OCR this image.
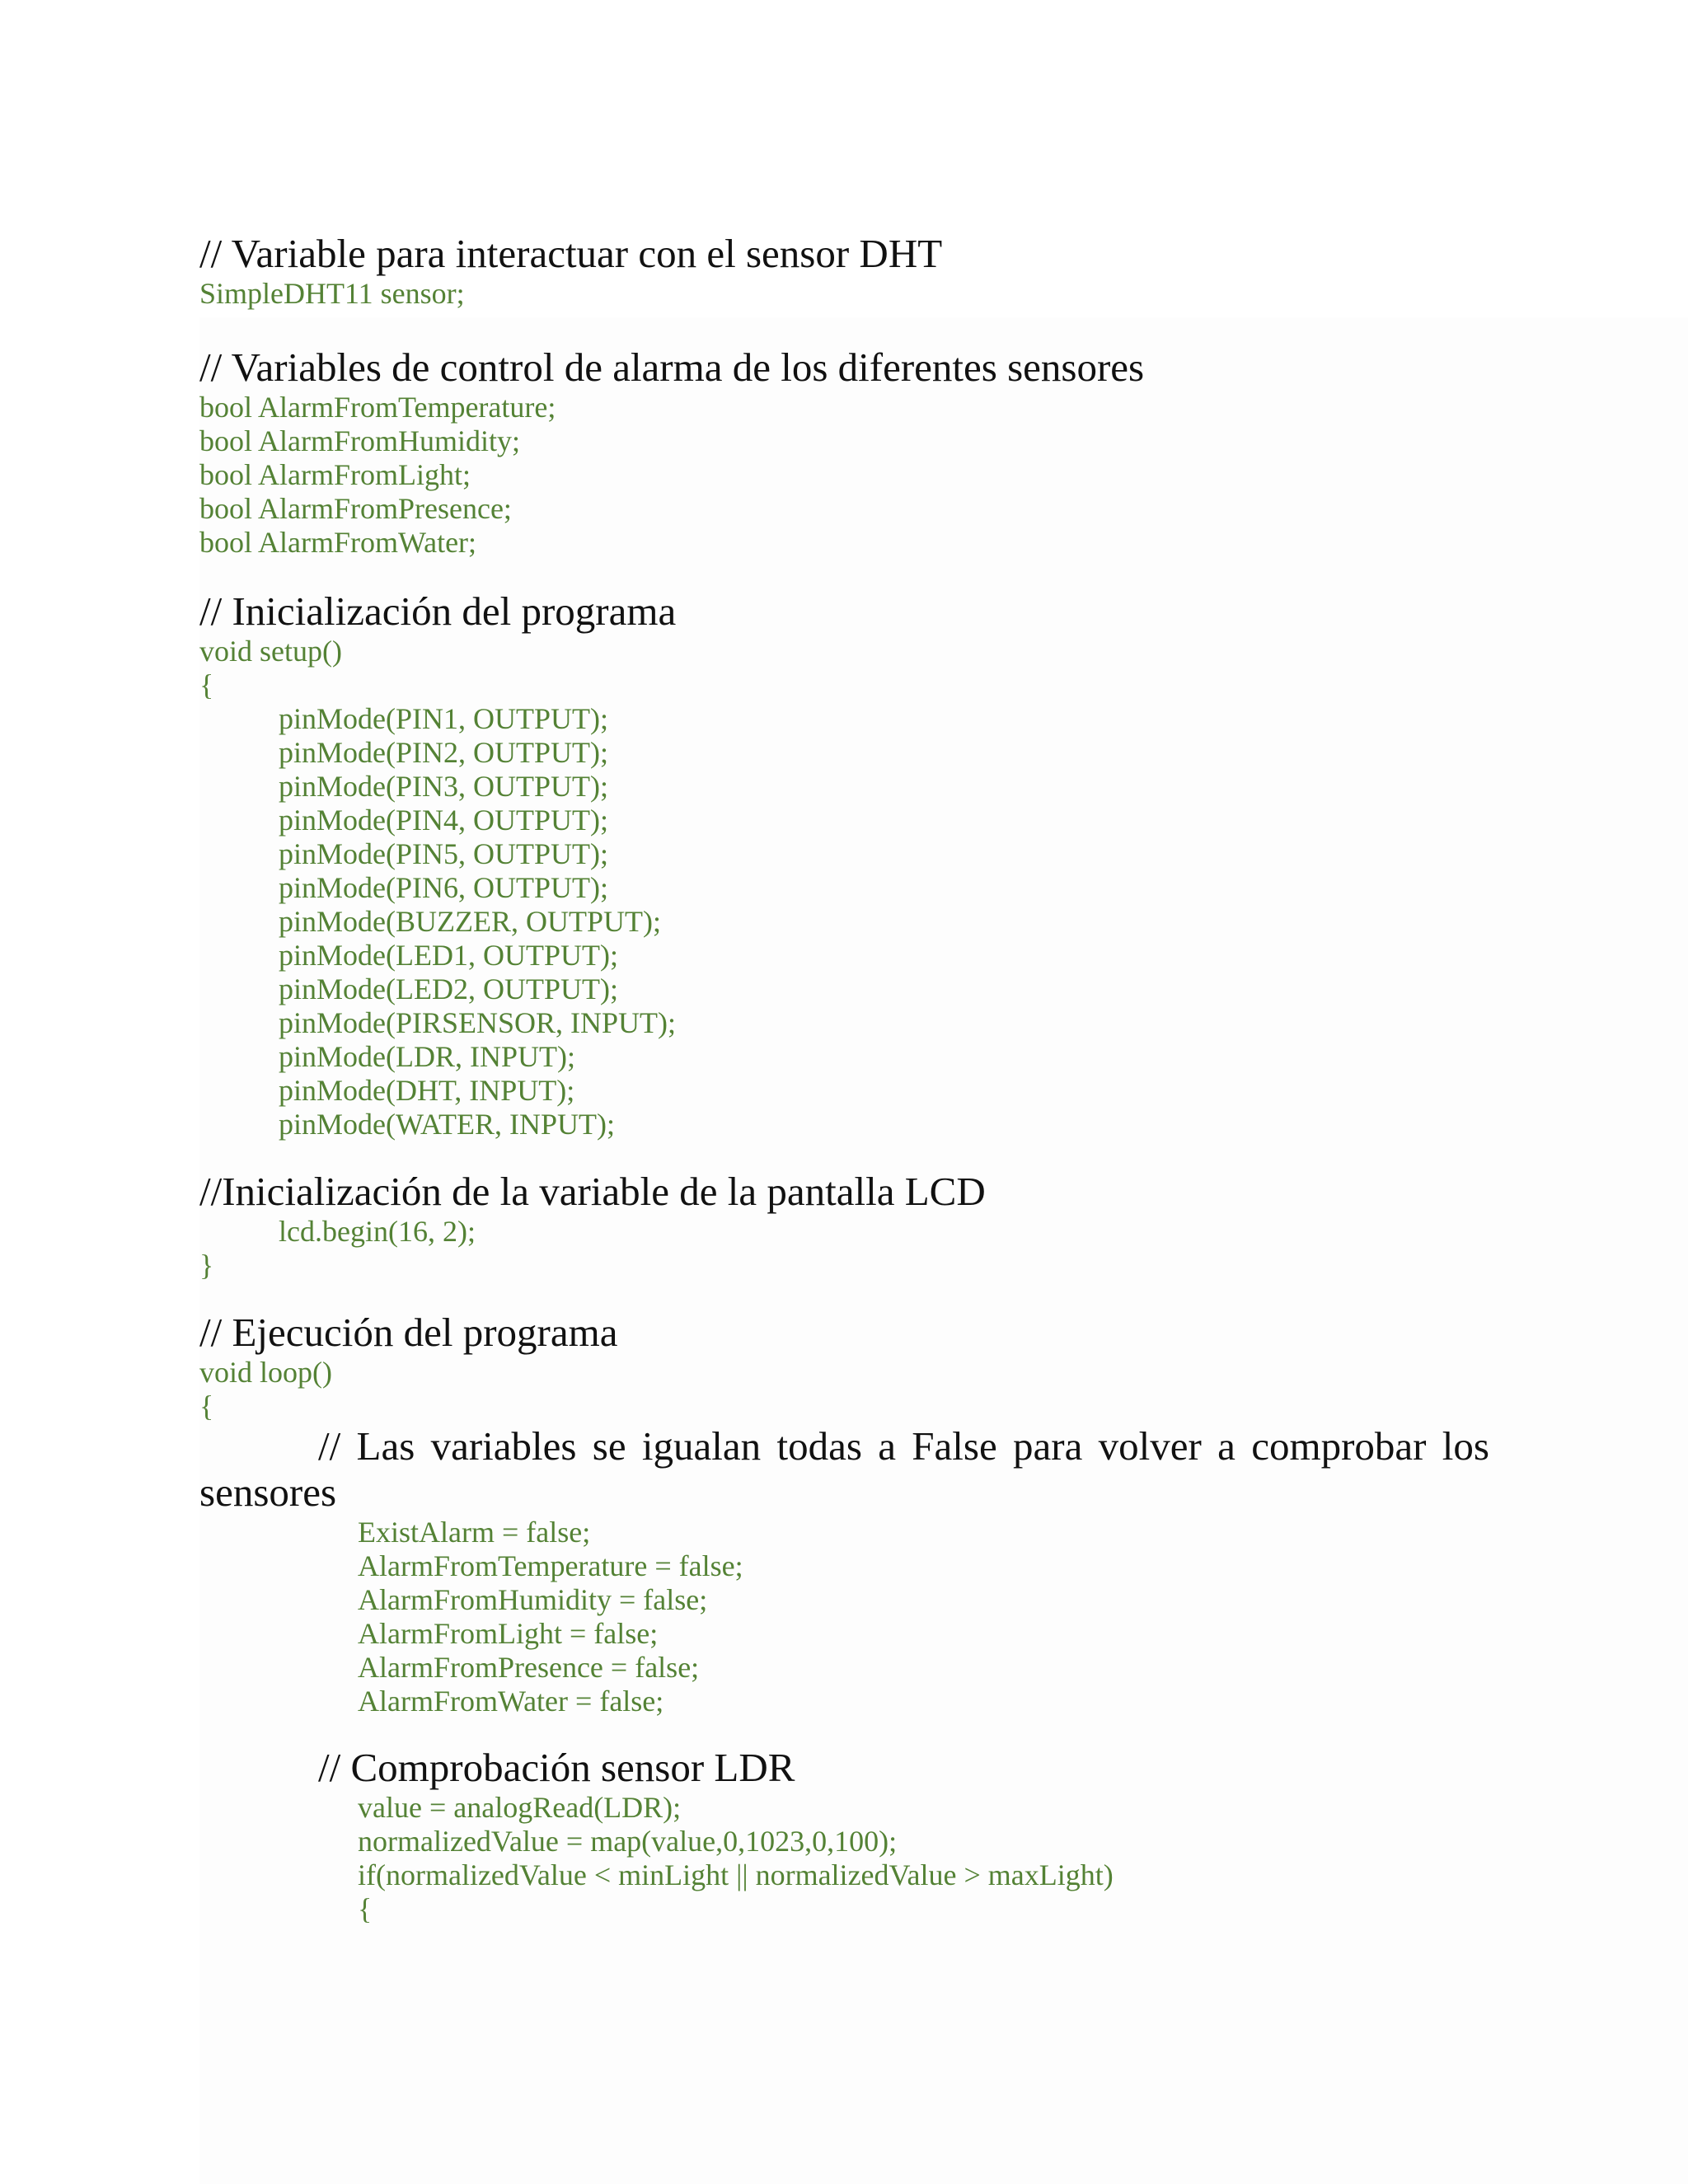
// Variable para interactuar con el sensor DHT
SimpleDHT11 sensor;
// Variables de control de alarma de los diferentes sensores
bool AlarmFromTemperature;
bool AlarmFromHumidity;
bool AlarmFromLight;
bool AlarmFromPresence;
bool AlarmFromWater;
// Inicialización del programa
void setup()
{
pinMode(PIN1, OUTPUT);
pinMode(PIN2, OUTPUT);
pinMode(PIN3, OUTPUT);
pinMode(PIN4, OUTPUT);
pinMode(PIN5, OUTPUT);
pinMode(PIN6, OUTPUT);
pinMode(BUZZER, OUTPUT);
pinMode(LED1, OUTPUT);
pinMode(LED2, OUTPUT);
pinMode(PIRSENSOR, INPUT);
pinMode(LDR, INPUT);
pinMode(DHT, INPUT);
pinMode(WATER, INPUT);
//Inicialización de la variable de la pantalla LCD
lcd.begin(16, 2);
}
// Ejecución del programa
void loop()
{
// Las variables se igualan todas a False para volver a comprobar los sensores
ExistAlarm = false;
AlarmFromTemperature = false;
AlarmFromHumidity = false;
AlarmFromLight = false;
AlarmFromPresence = false;
AlarmFromWater = false;
// Comprobación sensor LDR
value = analogRead(LDR);
normalizedValue = map(value,0,1023,0,100);
if(normalizedValue < minLight || normalizedValue > maxLight)
{
